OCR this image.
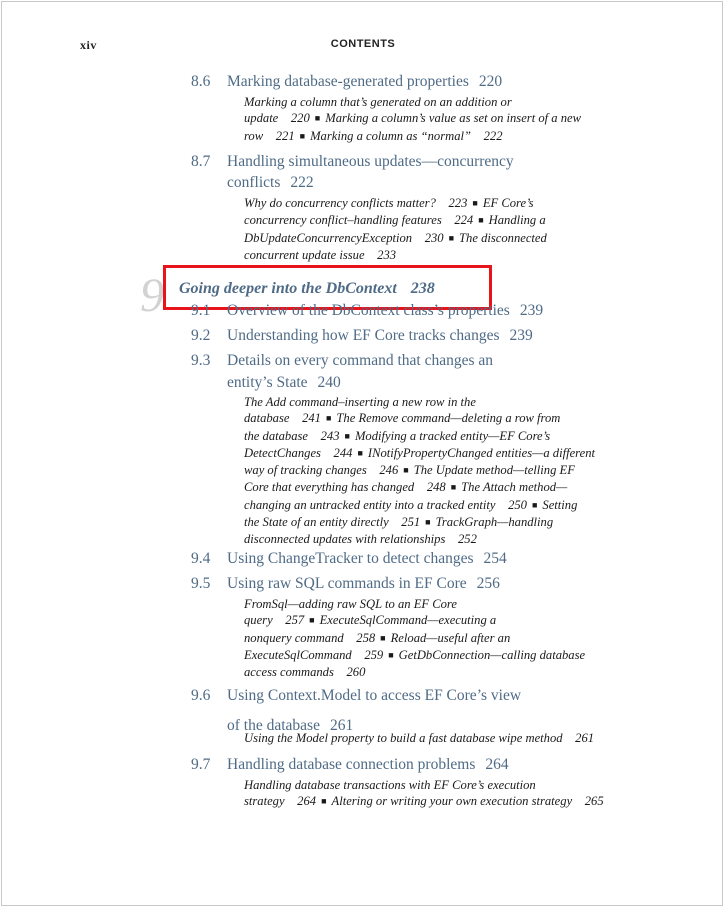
xiv	CONTENTS
8.6 Marking database-generated properties 220
Marking a column that’s generated on an addition or
update 220 ■ Marking a column’s value as set on insert of a new
row 221 ■ Marking a column as “normal” 222
8.7 Handling simultaneous updates—concurrency
conflicts 222
Why do concurrency conflicts matter? 223 ■ EF Core’s
concurrency conflict–handling features 224 ■ Handling a
DbUpdateConcurrencyException 230 ■ The disconnected
concurrent update issue 233
9 Going deeper into the DbContext 238
9.1 Overview of the DbContext class’s properties 239
9.2 Understanding how EF Core tracks changes 239
9.3 Details on every command that changes an
entity’s State 240
The Add command–inserting a new row in the
database 241 ■ The Remove command—deleting a row from
the database 243 ■ Modifying a tracked entity—EF Core’s
DetectChanges 244 ■ INotifyPropertyChanged entities—a different
way of tracking changes 246 ■ The Update method—telling EF
Core that everything has changed 248 ■ The Attach method—
changing an untracked entity into a tracked entity 250 ■ Setting
the State of an entity directly 251 ■ TrackGraph—handling
disconnected updates with relationships 252
9.4 Using ChangeTracker to detect changes 254
9.5 Using raw SQL commands in EF Core 256
FromSql—adding raw SQL to an EF Core
query 257 ■ ExecuteSqlCommand—executing a
nonquery command 258 ■ Reload—useful after an
ExecuteSqlCommand 259 ■ GetDbConnection—calling database
access commands 260
9.6 Using Context.Model to access EF Core’s view
of the database 261
Using the Model property to build a fast database wipe method 261
9.7 Handling database connection problems 264
Handling database transactions with EF Core’s execution
strategy 264 ■ Altering or writing your own execution strategy 265
